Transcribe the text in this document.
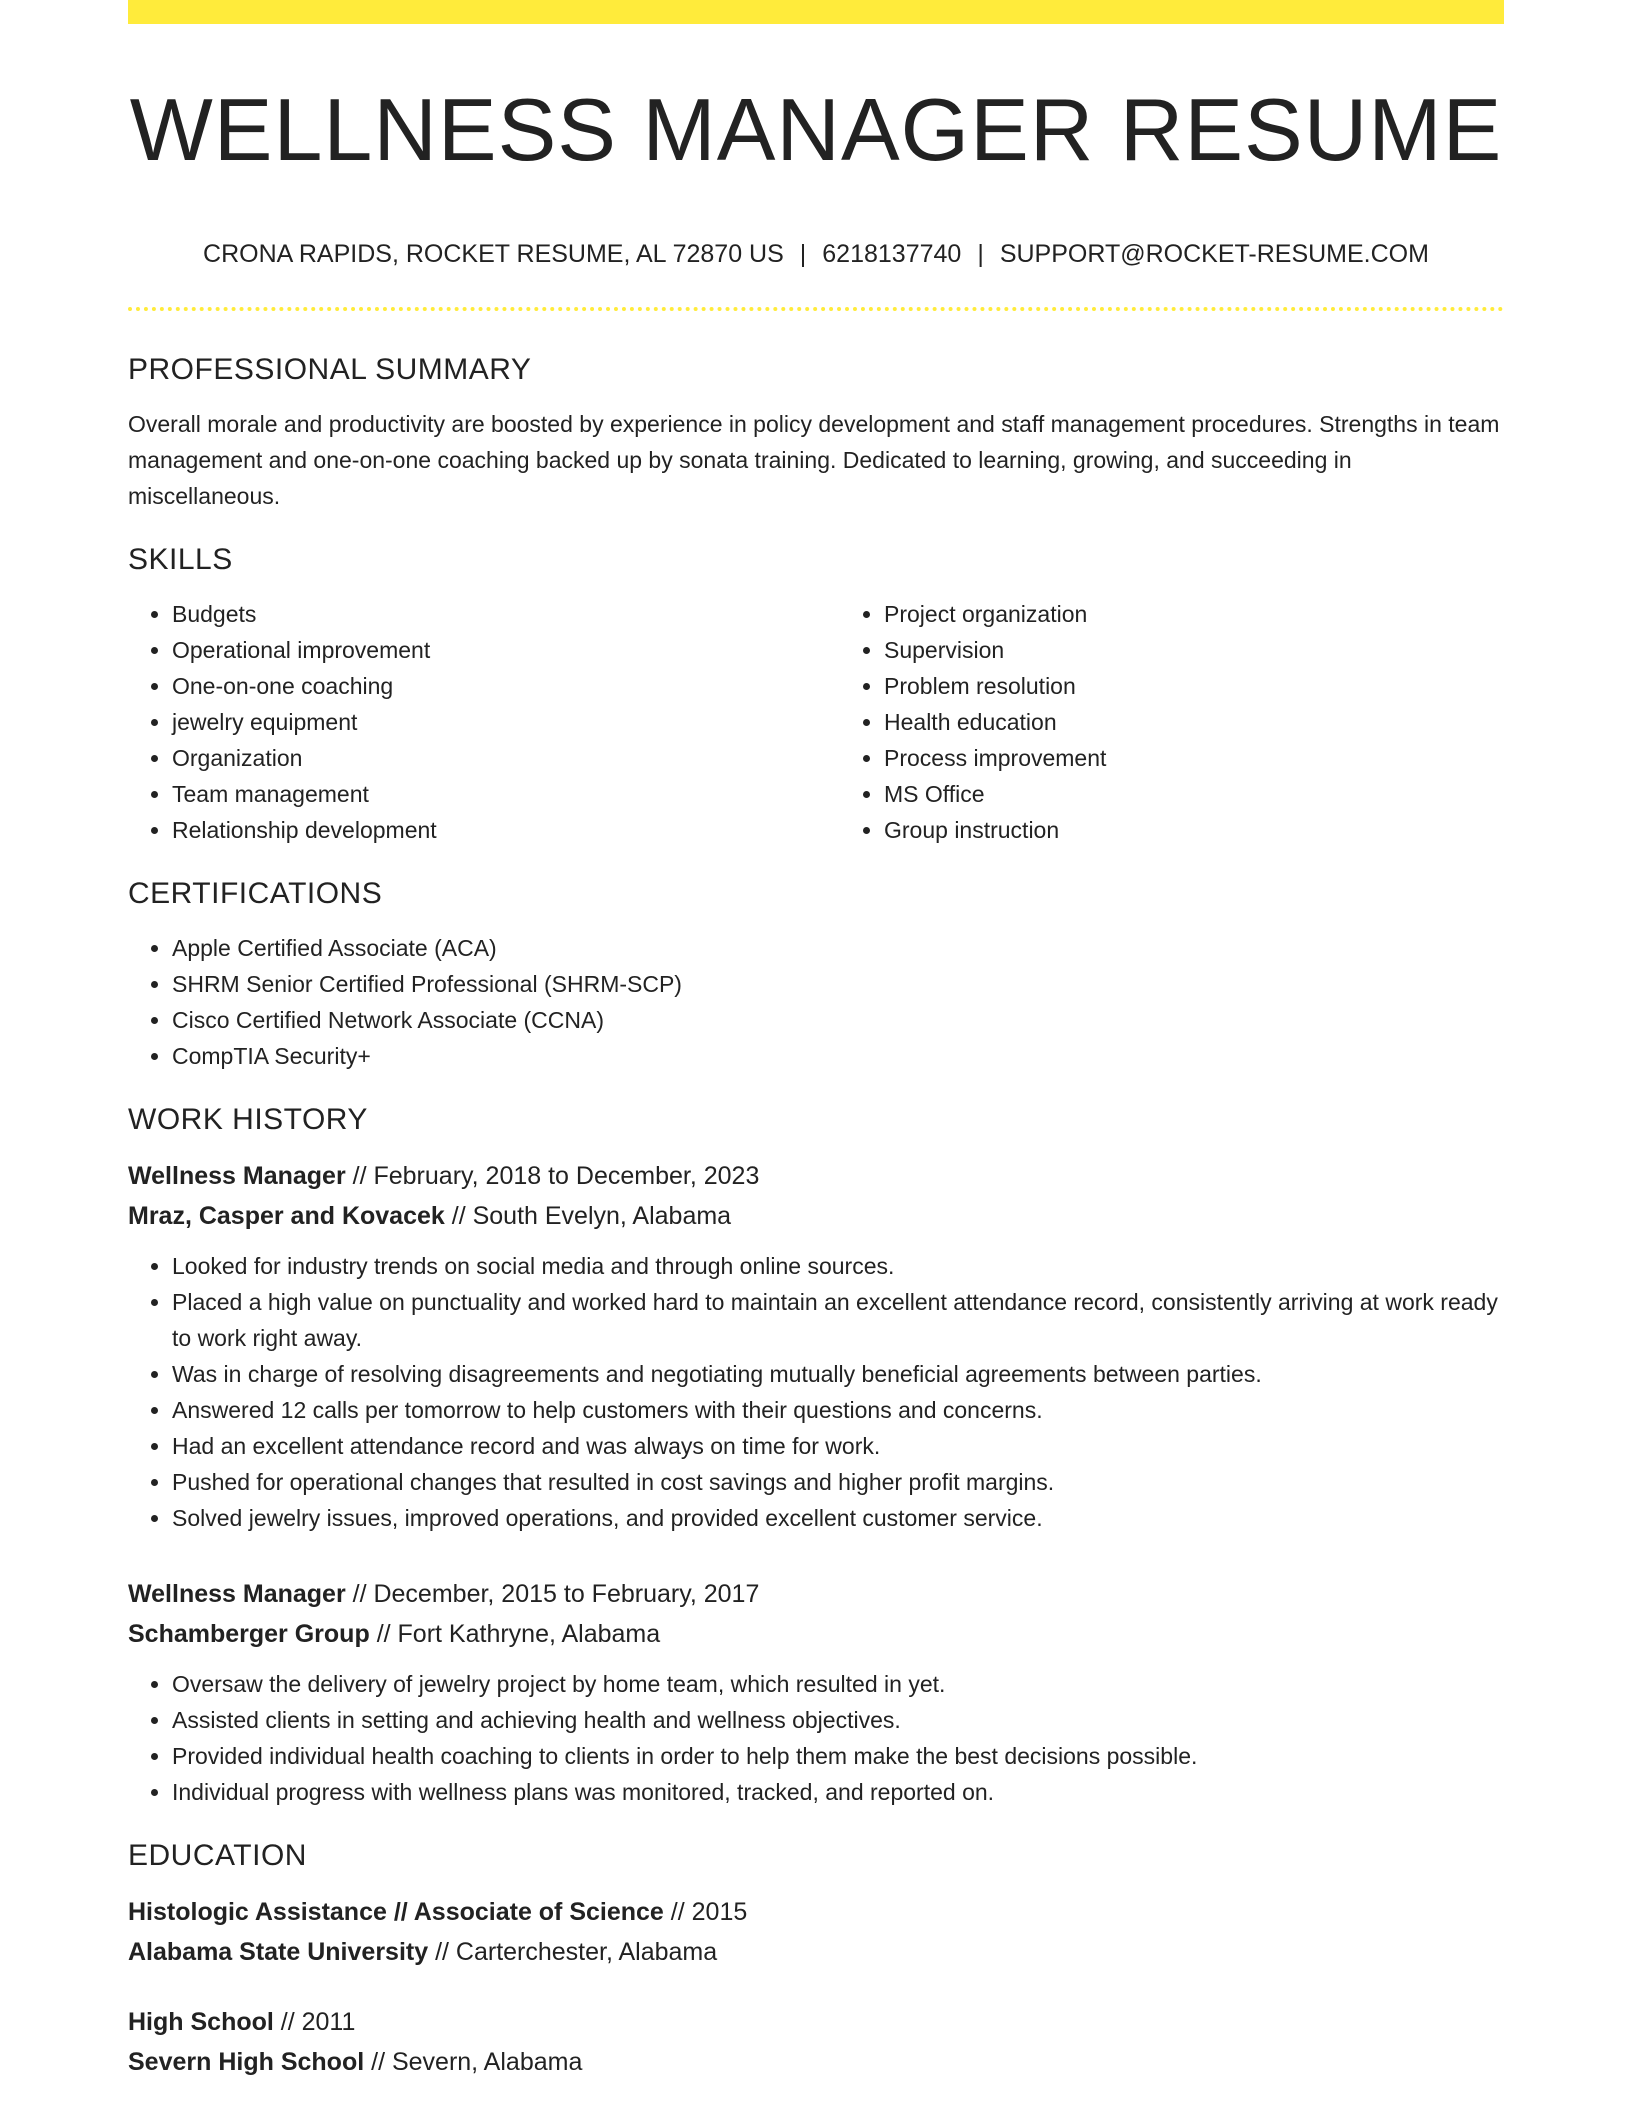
WELLNESS MANAGER RESUME
CRONA RAPIDS, ROCKET RESUME, AL 72870 US | 6218137740 | SUPPORT@ROCKET-RESUME.COM
PROFESSIONAL SUMMARY

Overall morale and productivity are boosted by experience in policy development and staff management procedures. Strengths in team management and one-on-one coaching backed up by sonata training. Dedicated to learning, growing, and succeeding in miscellaneous.

SKILLS
• Budgets
• Operational improvement
• One-on-one coaching
• jewelry equipment
• Organization
• Team management
• Relationship development
• Project organization
• Supervision
• Problem resolution
• Health education
• Process improvement
• MS Office
• Group instruction
CERTIFICATIONS
• Apple Certified Associate (ACA)
• SHRM Senior Certified Professional (SHRM-SCP)
• Cisco Certified Network Associate (CCNA)
• CompTIA Security+
WORK HISTORY
Wellness Manager // February, 2018 to December, 2023
Mraz, Casper and Kovacek // South Evelyn, Alabama
• Looked for industry trends on social media and through online sources.
• Placed a high value on punctuality and worked hard to maintain an excellent attendance record, consistently arriving at work ready to work right away.
• Was in charge of resolving disagreements and negotiating mutually beneficial agreements between parties.
• Answered 12 calls per tomorrow to help customers with their questions and concerns.
• Had an excellent attendance record and was always on time for work.
• Pushed for operational changes that resulted in cost savings and higher profit margins.
• Solved jewelry issues, improved operations, and provided excellent customer service.
Wellness Manager // December, 2015 to February, 2017
Schamberger Group // Fort Kathryne, Alabama
• Oversaw the delivery of jewelry project by home team, which resulted in yet.
• Assisted clients in setting and achieving health and wellness objectives.
• Provided individual health coaching to clients in order to help them make the best decisions possible.
• Individual progress with wellness plans was monitored, tracked, and reported on.
EDUCATION
Histologic Assistance // Associate of Science // 2015
Alabama State University // Carterchester, Alabama
High School // 2011
Severn High School // Severn, Alabama
